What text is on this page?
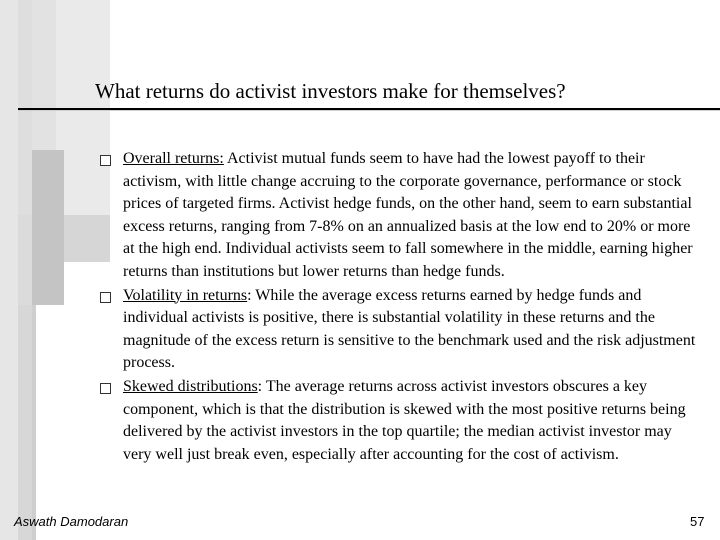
What returns do activist investors make for themselves?
Overall returns: Activist mutual funds seem to have had the lowest payoff to their activism, with little change accruing to the corporate governance, performance or stock prices of targeted firms. Activist hedge funds, on the other hand, seem to earn substantial excess returns, ranging from 7-8% on an annualized basis at the low end to 20% or more at the high end. Individual activists seem to fall somewhere in the middle, earning higher returns than institutions but lower returns than hedge funds.
Volatility in returns: While the average excess returns earned by hedge funds and individual activists is positive, there is substantial volatility in these returns and the magnitude of the excess return is sensitive to the benchmark used and the risk adjustment process.
Skewed distributions: The average returns across activist investors obscures a key component, which is that the distribution is skewed with the most positive returns being delivered by the activist investors in the top quartile; the median activist investor may very well just break even, especially after accounting for the cost of activism.
Aswath Damodaran	57
